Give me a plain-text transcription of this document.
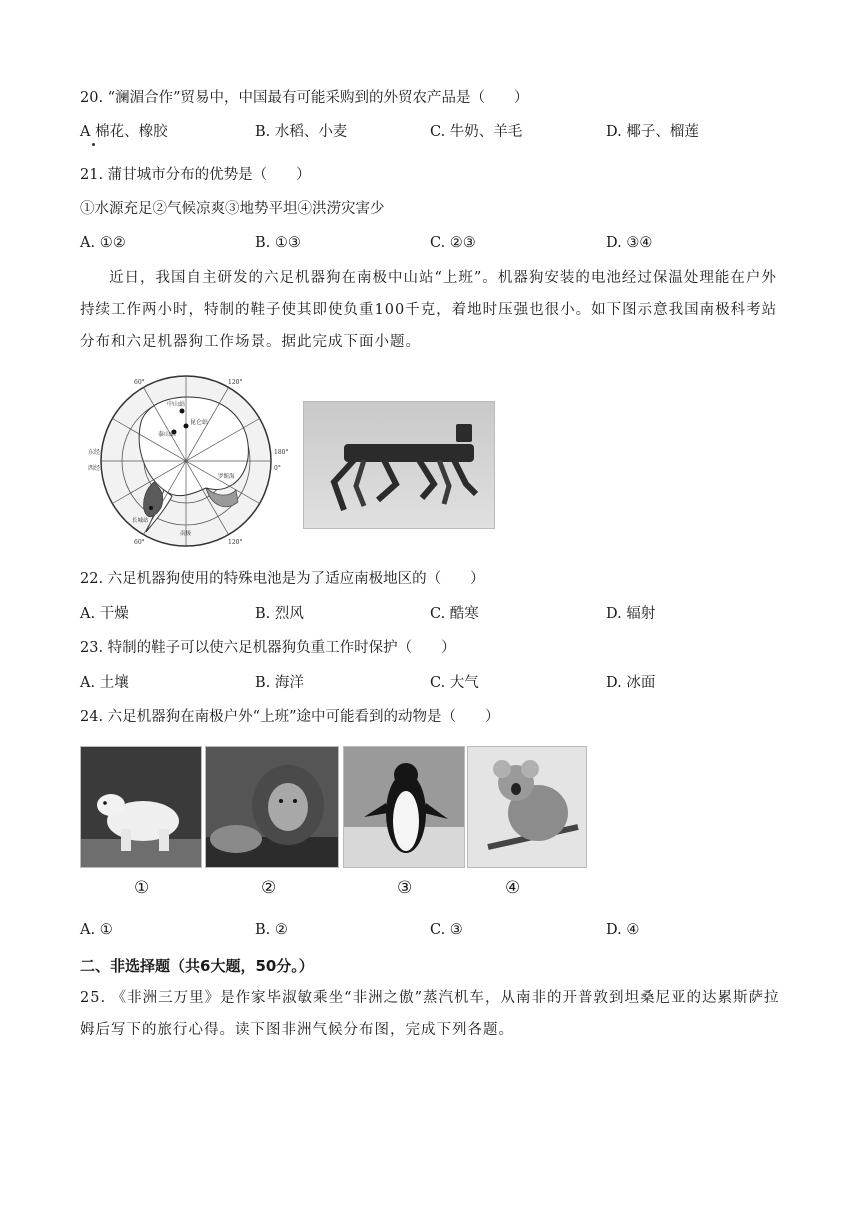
20. “澜湄合作”贸易中，中国最有可能采购到的外贸农产品是（　　）
A 棉花、橡胶	B. 水稻、小麦	C. 牛奶、羊毛	D. 椰子、榴莲
21. 蒲甘城市分布的优势是（　　）
①水源充足②气候凉爽③地势平坦④洪涝灾害少
A. ①②	B. ①③	C. ②③	D. ③④
近日，我国自主研发的六足机器狗在南极中山站“上班”。机器狗安装的电池经过保温处理能在户外持续工作两小时，特制的鞋子使其即使负重100千克，着地时压强也很小。如下图示意我国南极科考站分布和六足机器狗工作场景。据此完成下面小题。
中山站
昆仑站
泰山站
长城站
罗斯海
60°	120°
60°	120°
东经
西经
180°
0°
南极
22. 六足机器狗使用的特殊电池是为了适应南极地区的（　　）
A. 干燥	B. 烈风	C. 酷寒	D. 辐射
23. 特制的鞋子可以使六足机器狗负重工作时保护（　　）
A. 土壤	B. 海洋	C. 大气	D. 冰面
24. 六足机器狗在南极户外“上班”途中可能看到的动物是（　　）
①	②	③	④
A. ①	B. ②	C. ③	D. ④
二、非选择题（共6大题，50分。）
25. 《非洲三万里》是作家毕淑敏乘坐“非洲之傲”蒸汽机车，从南非的开普敦到坦桑尼亚的达累斯萨拉姆后写下的旅行心得。读下图非洲气候分布图，完成下列各题。
